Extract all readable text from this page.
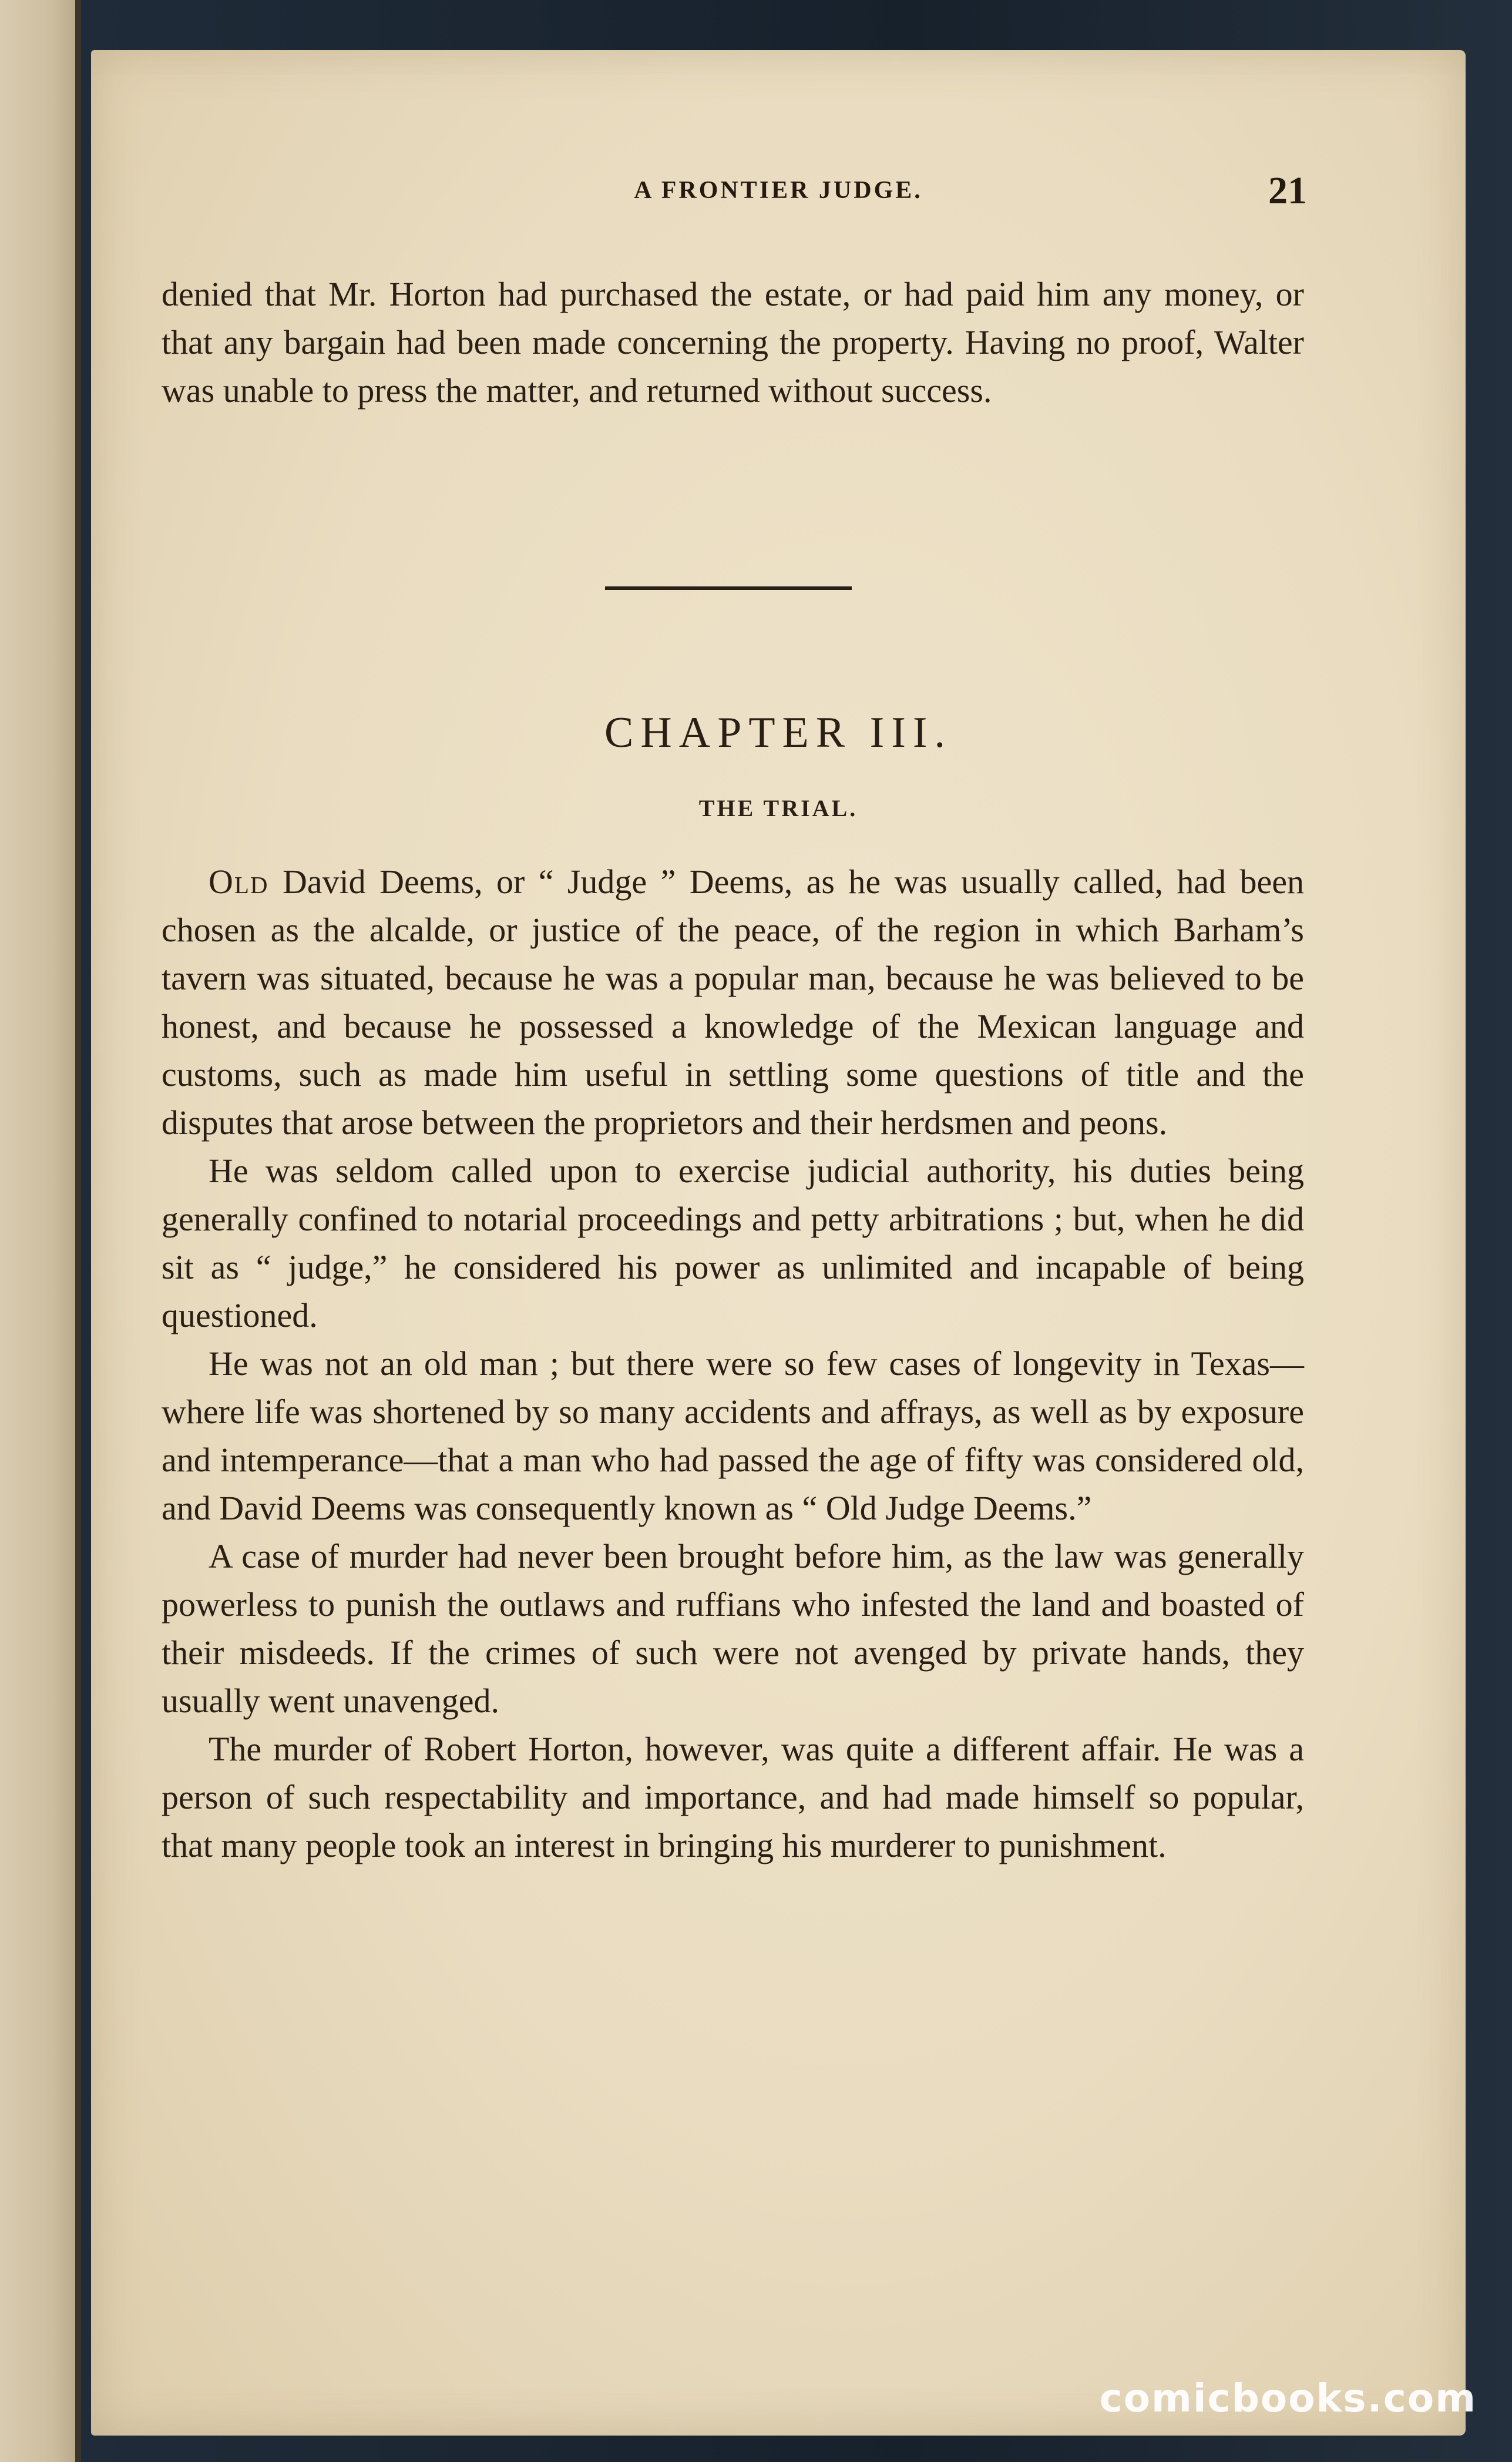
A FRONTIER JUDGE.	21

denied that Mr. Horton had purchased the estate, or had paid him any money, or that any bargain had been made concerning the property. Having no proof, Walter was unable to press the matter, and returned without success.

CHAPTER III.
THE TRIAL.

Old David Deems, or “ Judge ” Deems, as he was usually called, had been chosen as the alcalde, or justice of the peace, of the region in which Barham’s tavern was situated, because he was a popular man, because he was believed to be honest, and because he possessed a knowledge of the Mexican language and customs, such as made him useful in settling some questions of title and the disputes that arose between the proprietors and their herdsmen and peons.

He was seldom called upon to exercise judicial authority, his duties being generally confined to notarial proceedings and petty arbitrations ; but, when he did sit as “ judge,” he considered his power as unlimited and incapable of being questioned.

He was not an old man ; but there were so few cases of longevity in Texas—where life was shortened by so many accidents and affrays, as well as by exposure and intemperance—that a man who had passed the age of fifty was considered old, and David Deems was consequently known as “ Old Judge Deems.”

A case of murder had never been brought before him, as the law was generally powerless to punish the outlaws and ruffians who infested the land and boasted of their misdeeds. If the crimes of such were not avenged by private hands, they usually went unavenged.

The murder of Robert Horton, however, was quite a different affair. He was a person of such respectability and importance, and had made himself so popular, that many people took an interest in bringing his murderer to punishment.

comicbooks.com
